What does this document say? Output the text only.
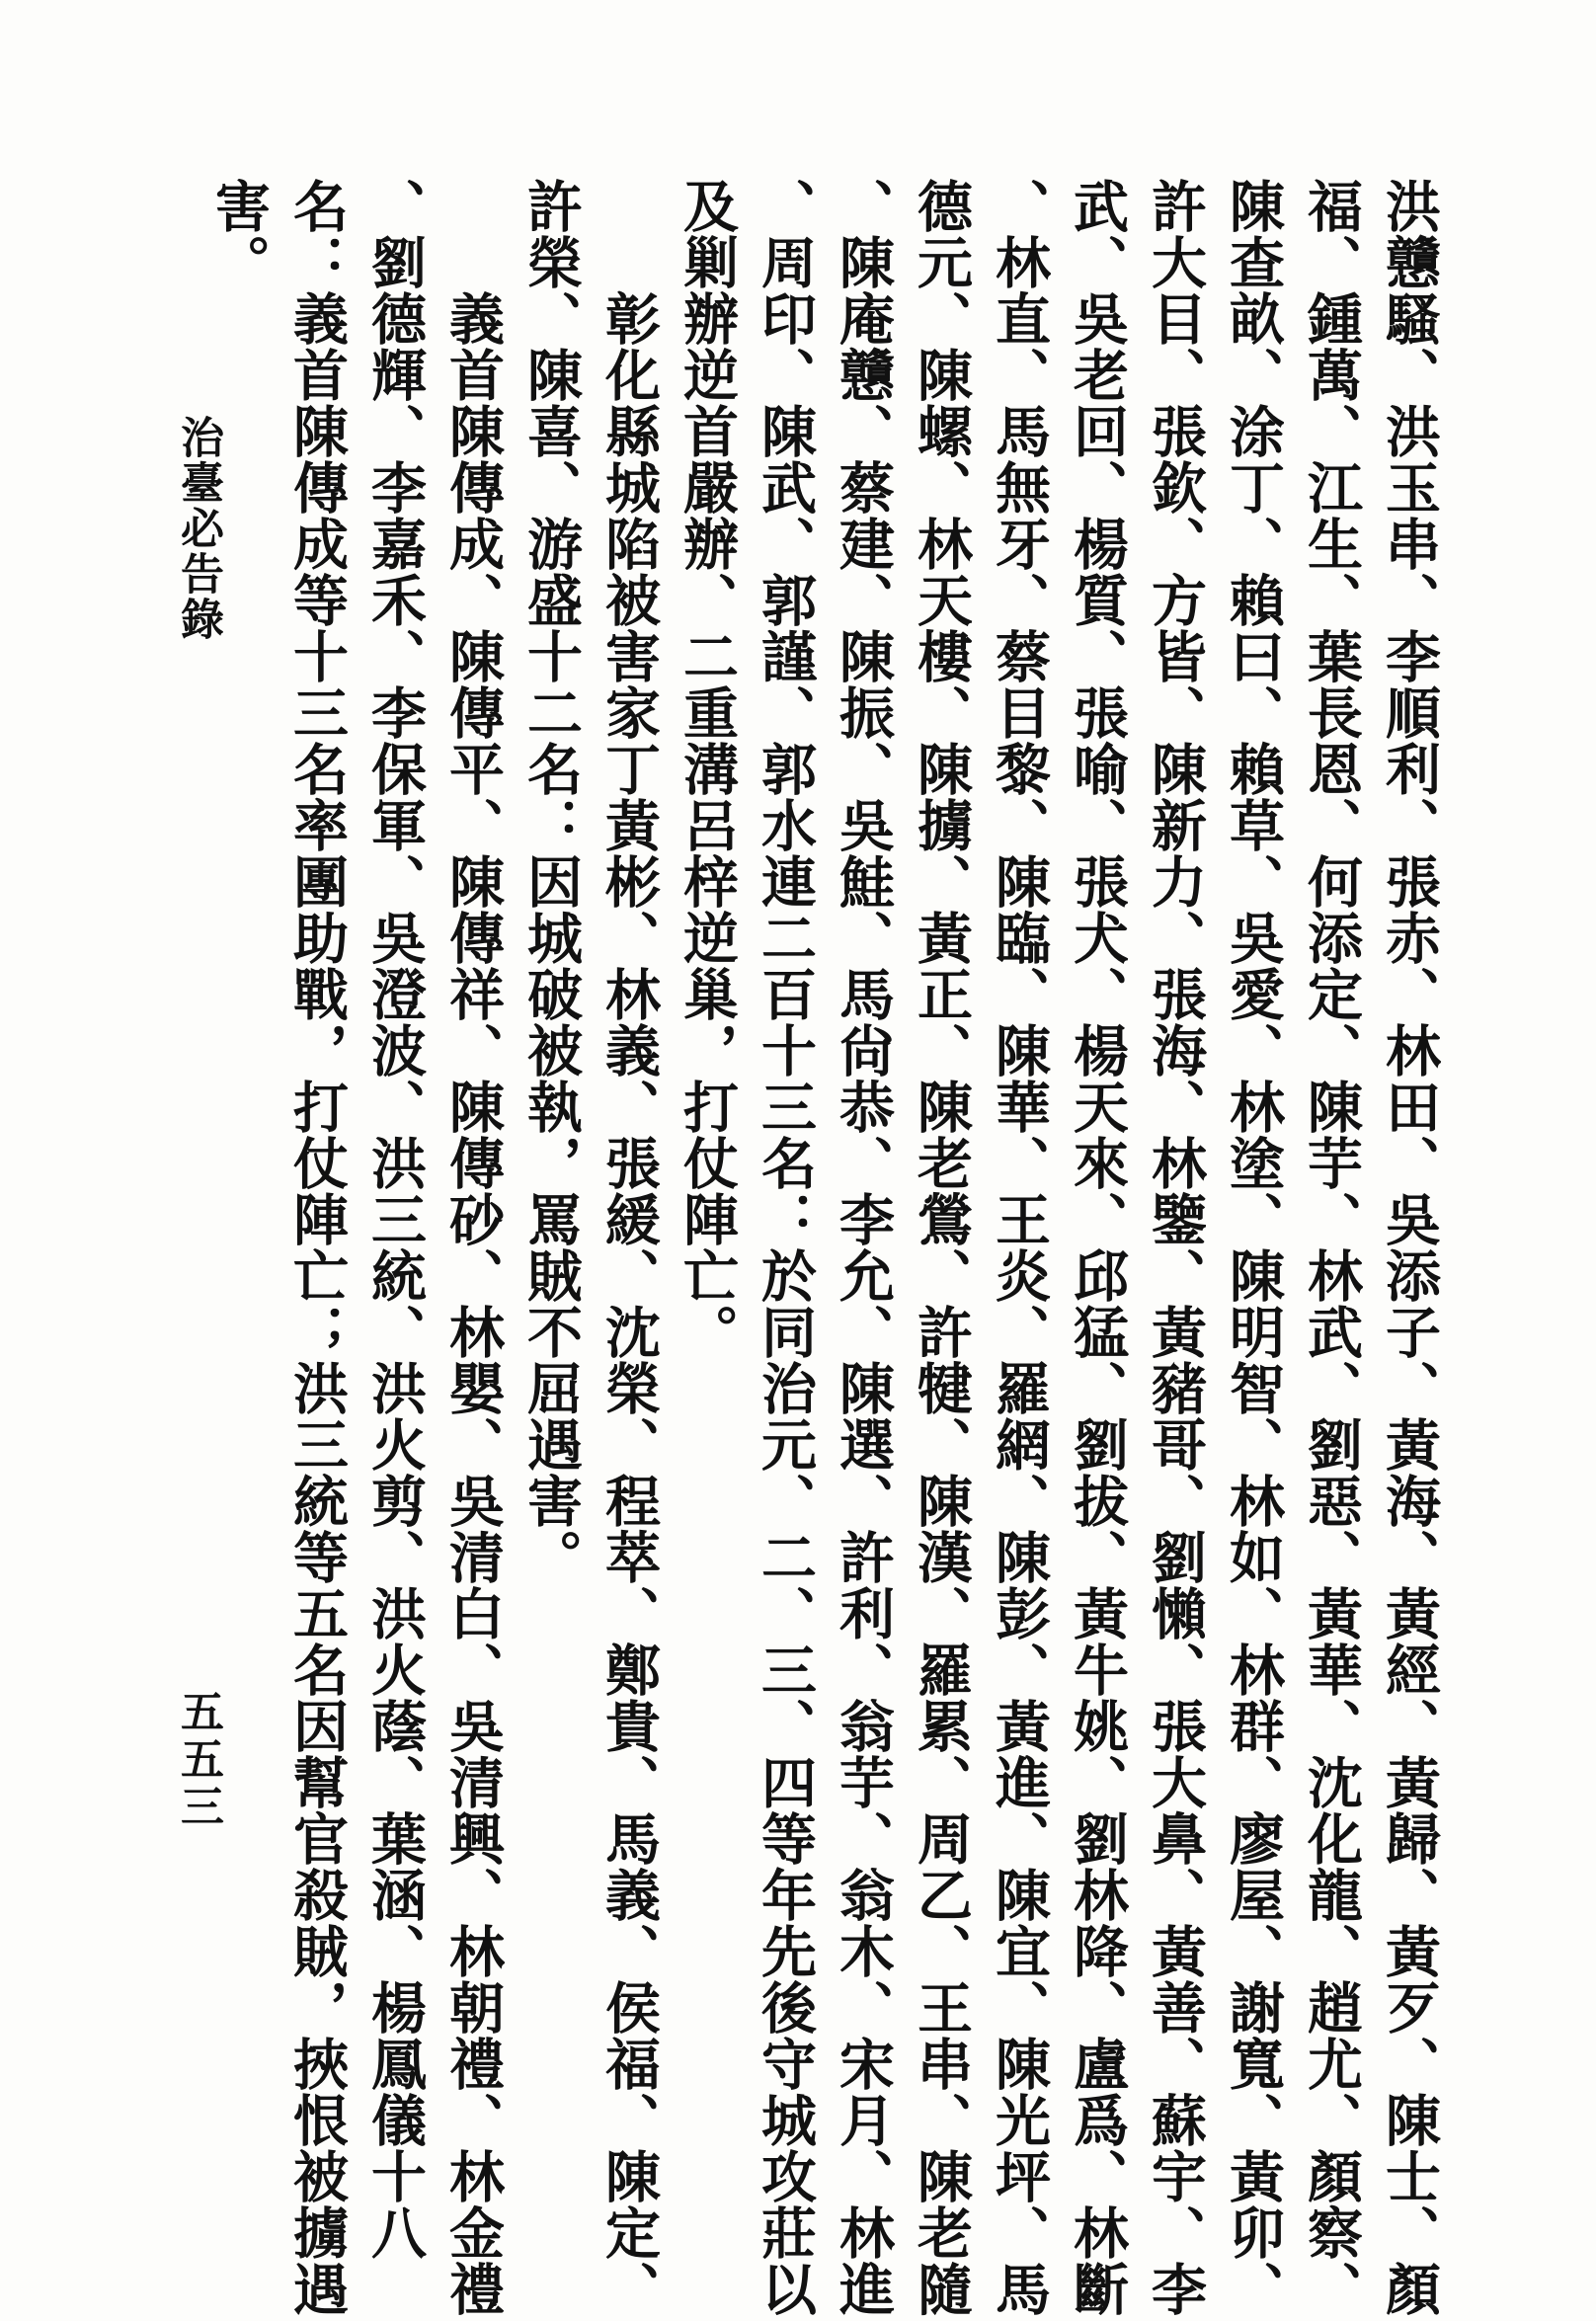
洪戇騷、洪玉串、李順利、張赤、林田、吳添子、黃海、黃經、黃歸、黃歹、陳士、顏
福、鍾萬、江生、葉長恩、何添定、陳芋、林武、劉惡、黃華、沈化龍、趙尤、顏察、
陳查畝、涂丁、賴曰、賴草、吳愛、林塗、陳明智、林如、林群、廖屋、謝寬、黃卯、
許大目、張欽、方皆、陳新力、張海、林鑒、黃豬哥、劉懶、張大鼻、黃善、蘇宇、李
武、吳老回、楊質、張喻、張犬、楊天來、邱猛、劉拔、黃牛姚、劉林降、盧爲、林斷
、林直、馬無牙、蔡目黎、陳臨、陳華、王炎、羅網、陳彭、黃進、陳宜、陳光坪、馬
德元、陳螺、林天樓、陳擄、黃正、陳老鶯、許犍、陳漢、羅累、周乙、王串、陳老隨
、陳庵戇、蔡建、陳振、吳鮭、馬尙恭、李允、陳選、許利、翁芋、翁木、宋月、林進
、周印、陳武、郭謹、郭水連二百十三名：於同治元、二、三、四等年先後守城攻莊以
及剿辦逆首嚴辦、二重溝呂梓逆巢，打仗陣亡。
　　彰化縣城陷被害家丁黃彬、林義、張緩、沈榮、程萃、鄭貴、馬義、侯福、陳定、
許榮、陳喜、游盛十二名：因城破被執，罵賊不屈遇害。
　　義首陳傳成、陳傳平、陳傳祥、陳傳砂、林嬰、吳清白、吳清興、林朝禮、林金禮
、劉德輝、李嘉禾、李保軍、吳澄波、洪三統、洪火剪、洪火蔭、葉涵、楊鳳儀十八
名：義首陳傳成等十三名率團助戰，打仗陣亡；洪三統等五名因幫官殺賊，挾恨被擄遇
害。
治臺必告錄
五五三
